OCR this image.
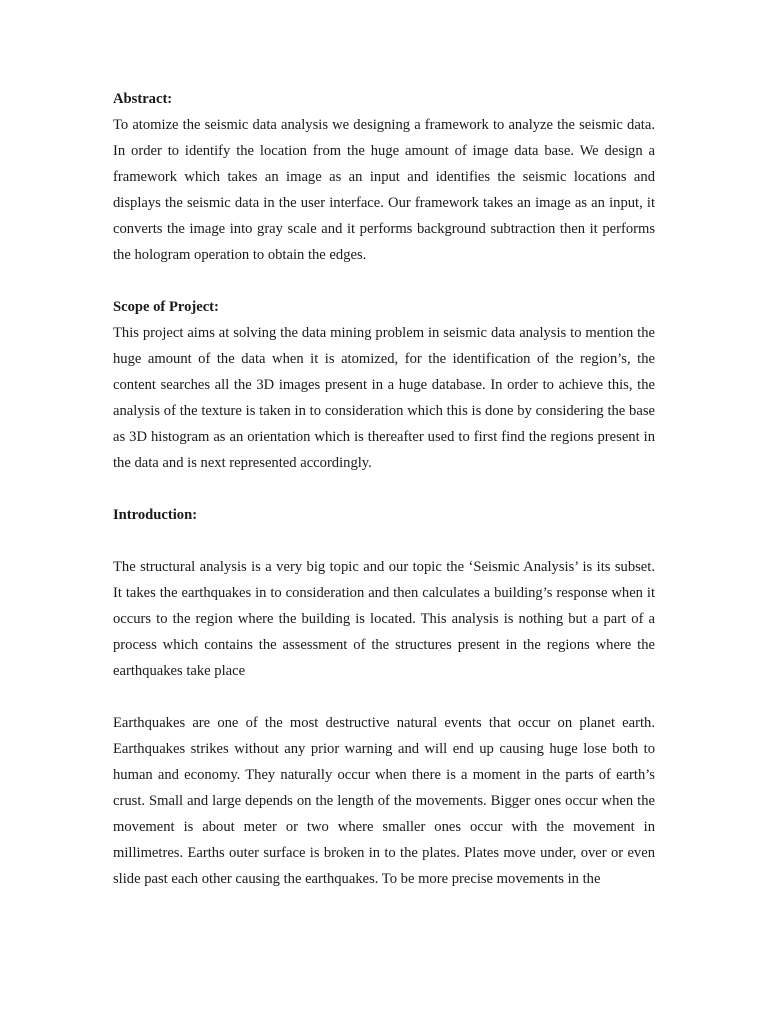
Abstract:

To atomize the seismic data analysis we designing a framework to analyze the seismic data. In order to identify the location from the huge amount of image data base. We design a framework which takes an image as an input and identifies the seismic locations and displays the seismic data in the user interface. Our framework takes an image as an input, it converts the image into gray scale and it performs background subtraction then it performs the hologram operation to obtain the edges.

Scope of Project:

This project aims at solving the data mining problem in seismic data analysis to mention the huge amount of the data when it is atomized, for the identification of the region’s, the content searches all the 3D images present in a huge database. In order to achieve this, the analysis of the texture is taken in to consideration which this is done by considering the base as 3D histogram as an orientation which is thereafter used to first find the regions present in the data and is next represented accordingly.

Introduction:

The structural analysis is a very big topic and our topic the ‘Seismic Analysis’ is its subset. It takes the earthquakes in to consideration and then calculates a building’s response when it occurs to the region where the building is located. This analysis is nothing but a part of a process which contains the assessment of the structures present in the regions where the earthquakes take place

Earthquakes are one of the most destructive natural events that occur on planet earth. Earthquakes strikes without any prior warning and will end up causing huge lose both to human and economy. They naturally occur when there is a moment in the parts of earth’s crust. Small and large depends on the length of the movements. Bigger ones occur when the movement is about meter or two where smaller ones occur with the movement in millimetres. Earths outer surface is broken in to the plates. Plates move under, over or even slide past each other causing the earthquakes. To be more precise movements in the
